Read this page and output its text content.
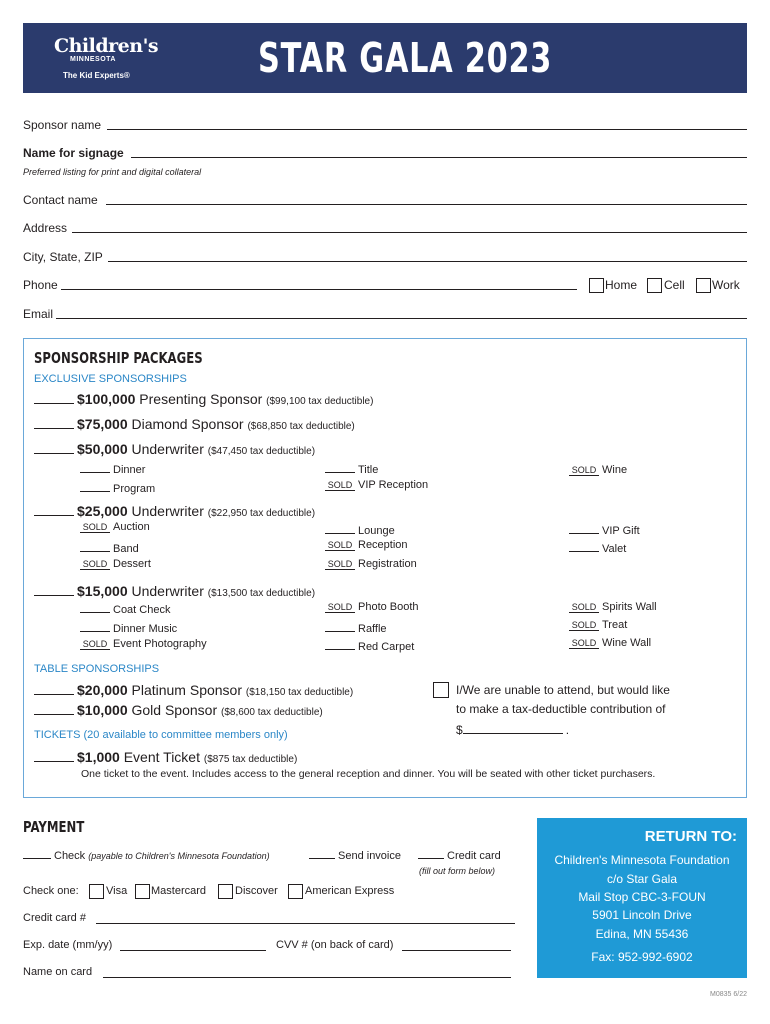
Children's
MINNESOTA
The Kid Experts®	STAR GALA 2023
Sponsor name
Name for signage
Preferred listing for print and digital collateral
Contact name
Address
City, State, ZIP
Phone	Home Cell Work
Email
SPONSORSHIP PACKAGES
EXCLUSIVE SPONSORSHIPS
$100,000 Presenting Sponsor ($99,100 tax deductible)
$75,000 Diamond Sponsor ($68,850 tax deductible)
$50,000 Underwriter ($47,450 tax deductible)
Dinner	Title	SOLD Wine
Program	SOLD VIP Reception
$25,000 Underwriter ($22,950 tax deductible)
SOLD Auction	Lounge	VIP Gift
Band	SOLD Reception	Valet
SOLD Dessert	SOLD Registration
$15,000 Underwriter ($13,500 tax deductible)
Coat Check	SOLD Photo Booth	SOLD Spirits Wall
Dinner Music	Raffle	SOLD Treat
SOLD Event Photography	Red Carpet	SOLD Wine Wall
TABLE SPONSORSHIPS
$20,000 Platinum Sponsor ($18,150 tax deductible)
$10,000 Gold Sponsor ($8,600 tax deductible)
I/We are unable to attend, but would like
to make a tax-deductible contribution of
$	.
TICKETS (20 available to committee members only)
$1,000 Event Ticket ($875 tax deductible)
One ticket to the event. Includes access to the general reception and dinner. You will be seated with other ticket purchasers.
PAYMENT
Check (payable to Children's Minnesota Foundation)	Send invoice	Credit card
(fill out form below)
Check one: Visa Mastercard	Discover American Express
Credit card #
Exp. date (mm/yy)	CVV # (on back of card)
Name on card
RETURN TO:
Children's Minnesota Foundation
c/o Star Gala
Mail Stop CBC-3-FOUN
5901 Lincoln Drive
Edina, MN 55436
Fax: 952-992-6902
M0835 6/22
